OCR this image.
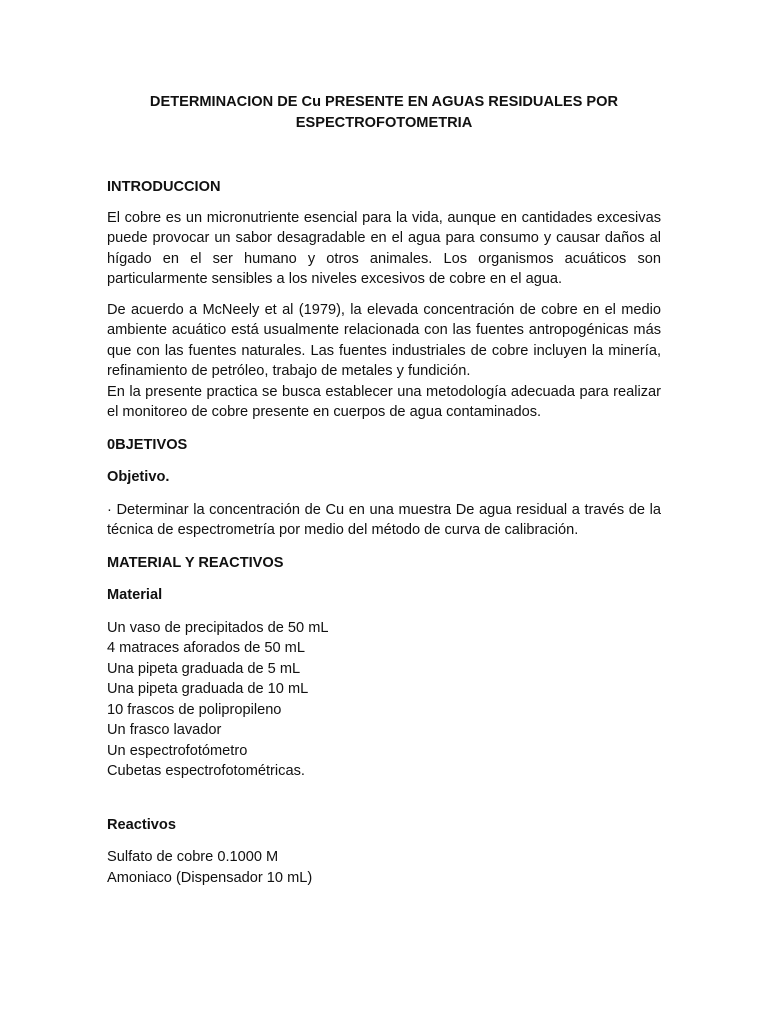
DETERMINACION DE Cu PRESENTE EN AGUAS RESIDUALES POR
ESPECTROFOTOMETRIA
INTRODUCCION

El cobre es un micronutriente esencial para la vida, aunque en cantidades excesivas puede provocar un sabor desagradable en el agua para consumo y causar daños al hígado en el ser humano y otros animales. Los organismos acuáticos son particularmente sensibles a los niveles excesivos de cobre en el agua.

De acuerdo a McNeely et al (1979), la elevada concentración de cobre en el medio ambiente acuático está usualmente relacionada con las fuentes antropogénicas más que con las fuentes naturales. Las fuentes industriales de cobre incluyen la minería, refinamiento de petróleo, trabajo de metales y fundición.

En la presente practica se busca establecer una metodología adecuada para realizar el monitoreo de cobre presente en cuerpos de agua contaminados.

0BJETIVOS
Objetivo.

· Determinar la concentración de Cu en una muestra De agua residual a través de la técnica de espectrometría por medio del método de curva de calibración.

MATERIAL Y REACTIVOS
Material
Un vaso de precipitados de 50 mL
4 matraces aforados de 50 mL
Una pipeta graduada de 5 mL
Una pipeta graduada de 10 mL
10 frascos de polipropileno
Un frasco lavador
Un espectrofotómetro
Cubetas espectrofotométricas.
Reactivos
Sulfato de cobre 0.1000 M
Amoniaco (Dispensador 10 mL)
